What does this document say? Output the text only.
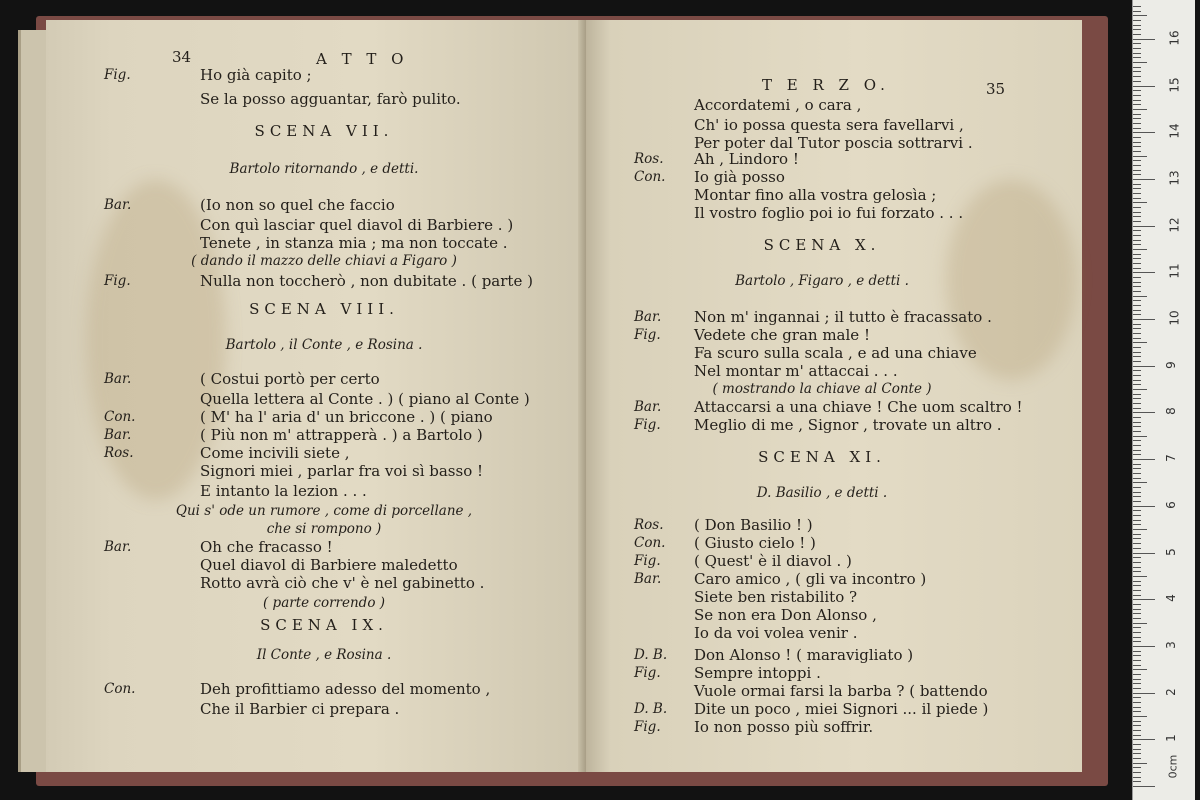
34	A T T O
Fig.	Ho già capito ;
Se la posso agguantar, farò pulito.
SCENA VII.
Bartolo ritornando , e detti.
Bar.	(Io non so quel che faccio
Con quì lasciar quel diavol di Barbiere . )
Tenete , in stanza mia ; ma non toccate .
( dando il mazzo delle chiavi a Figaro )
Fig.	Nulla non toccherò , non dubitate . ( parte )
SCENA VIII.
Bartolo , il Conte , e Rosina .
Bar.	( Costui portò per certo
Quella lettera al Conte . ) ( piano al Conte )
Con.	( M' ha l' aria d' un briccone . ) ( piano
Bar.	( Più non m' attrapperà . ) a Bartolo )
Ros.	Come incivili siete ,
Signori miei , parlar fra voi sì basso !
E intanto la lezion . . .
Qui s' ode un rumore , come di porcellane ,
che si rompono )
Bar.	Oh che fracasso !
Quel diavol di Barbiere maledetto
Rotto avrà ciò che v' è nel gabinetto .
( parte correndo )
SCENA IX.
Il Conte , e Rosina .
Con.	Deh profittiamo adesso del momento ,
Che il Barbier ci prepara .
T E R Z O.	35
Accordatemi , o cara ,
Ch' io possa questa sera favellarvi ,
Per poter dal Tutor poscia sottrarvi .
Ros. Ah , Lindoro !
Con. Io già posso
Montar fino alla vostra gelosìa ;
Il vostro foglio poi io fui forzato . . .
SCENA X.
Bartolo , Figaro , e detti .
Bar. Non m' ingannai ; il tutto è fracassato .
Fig. Vedete che gran male !
Fa scuro sulla scala , e ad una chiave
Nel montar m' attaccai . . .
( mostrando la chiave al Conte )
Bar. Attaccarsi a una chiave ! Che uom scaltro !
Fig. Meglio di me , Signor , trovate un altro .
SCENA XI.
D. Basilio , e detti .
Ros. ( Don Basilio ! )
Con. ( Giusto cielo ! )
Fig. ( Quest' è il diavol . )
Bar. Caro amico , ( gli va incontro )
Siete ben ristabilito ?
Se non era Don Alonso ,
Io da voi volea venir .
D. B. Don Alonso ! ( maravigliato )
Fig. Sempre intoppi .
Vuole ormai farsi la barba ? ( battendo
D. B. Dite un poco , miei Signori ... il piede )
Fig. Io non posso più soffrir.
1
2
3
4
5
6
7
8
9
10
11
12
13
14
15
16
0cm
